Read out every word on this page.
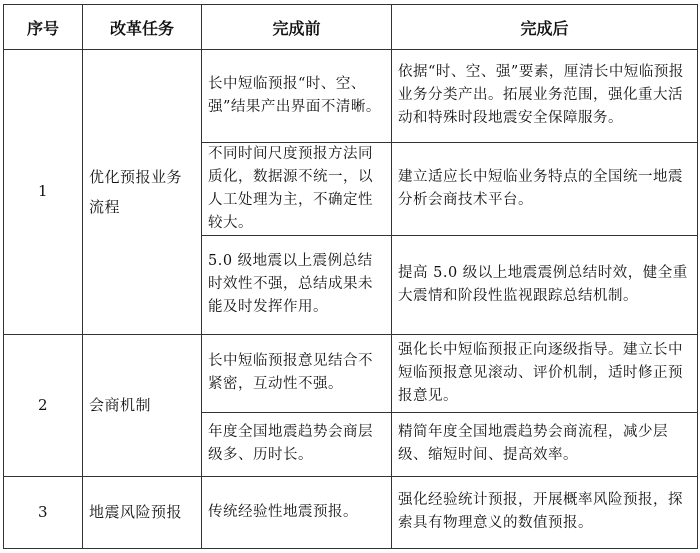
序号	改革任务	完成前	完成后
1	优化预报业务流程	长中短临预报“时、空、强”结果产出界面不清晰。	依据“时、空、强”要素，厘清长中短临预报业务分类产出。拓展业务范围，强化重大活动和特殊时段地震安全保障服务。
		不同时间尺度预报方法同质化，数据源不统一，以人工处理为主，不确定性较大。	建立适应长中短临业务特点的全国统一地震分析会商技术平台。
		5.0 级地震以上震例总结时效性不强，总结成果未能及时发挥作用。	提高 5.0 级以上地震震例总结时效，健全重大震情和阶段性监视跟踪总结机制。
2	会商机制	长中短临预报意见结合不紧密，互动性不强。	强化长中短临预报正向逐级指导。建立长中短临预报意见滚动、评价机制，适时修正预报意见。
		年度全国地震趋势会商层级多、历时长。	精简年度全国地震趋势会商流程，减少层级、缩短时间、提高效率。
3	地震风险预报	传统经验性地震预报。	强化经验统计预报，开展概率风险预报，探索具有物理意义的数值预报。
